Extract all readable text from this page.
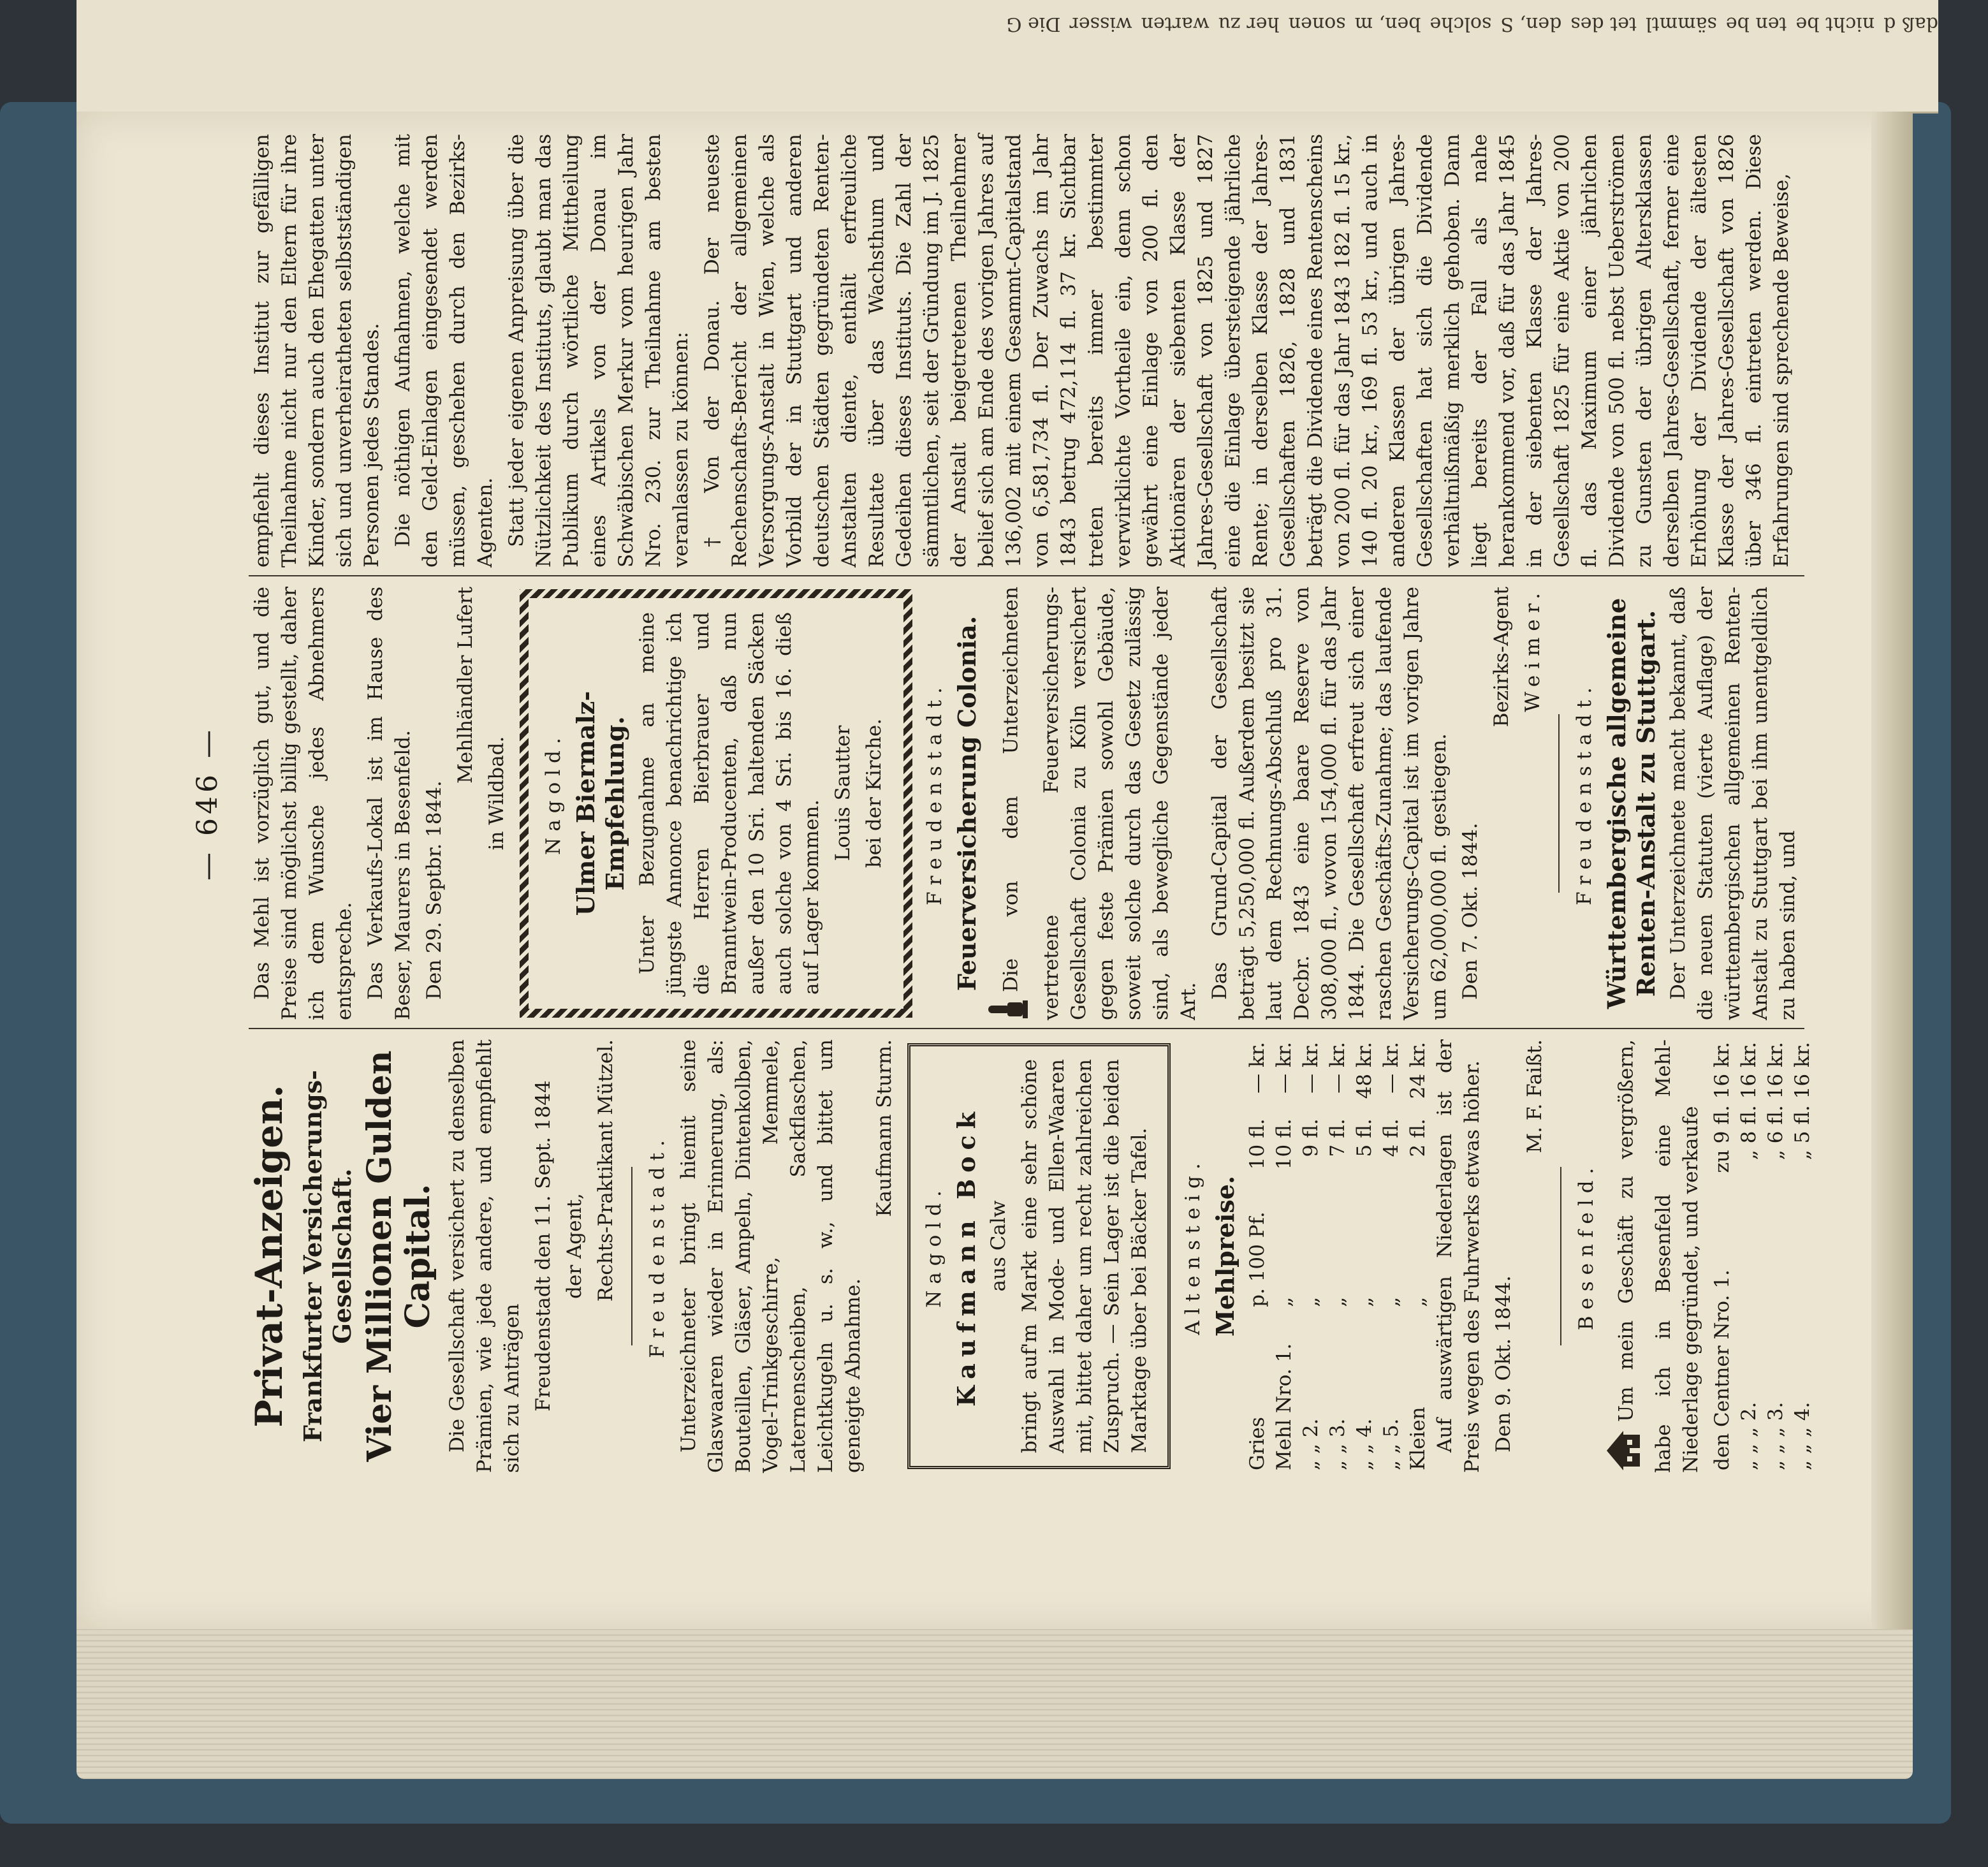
daß d
nicht be
ten be
sämmtl
tet des
den, S
solche
ben, m
sonen
her zu
warten
wisser
Die G
— 646 —
Privat-Anzeigen. Frankfurter Versicherungs-Gesellschaft. Vier Millionen Gulden Capital. Die Gesellschaft versichert zu denselben Prämien, wie jede andere, und empfiehlt sich zu Anträgen Freudenstadt den 11. Sept. 1844 der Agent, Rechts-Praktikant Mützel. Freudenstadt. Unterzeichneter bringt hiemit seine Glaswaaren wieder in Erinnerung, als: Bouteillen, Gläser, Ampeln, Dintenkolben, Vogel-Trinkgeschirre, Memmele, Laternenscheiben, Sackflaschen, Leichtkugeln u. s. w., und bittet um geneigte Abnahme.

Kaufmann Sturm.

Nagold. Kaufmann Bock aus Calw bringt auf'm Markt eine sehr schöne Auswahl in Mode- und Ellen-Waaren mit, bittet daher um recht zahlreichen Zuspruch. — Sein Lager ist die beiden Marktage über bei Bäcker Tafel. Altensteig. Mehlpreise.
Gries	p. 100 Pf.	10 fl.	— kr.
Mehl Nro. 1.	„	10 fl.	— kr.
„ „ 2.	„	9 fl.	— kr.
„ „ 3.	„	7 fl.	— kr.
„ „ 4.	„	5 fl.	48 kr.
„ „ 5.	„	4 fl.	— kr.
Kleien	„	2 fl.	24 kr. Auf auswärtigen Niederlagen ist der Preis wegen des Fuhrwerks etwas höher. Den 9. Okt. 1844.

M. F. Faißt.

Besenfeld. Um mein Geschäft zu vergrößern, habe ich in Besenfeld eine Mehl-Niederlage gegründet, und verkaufe den Centner Nro. 1.	zu 9 fl. 16 kr.
„ „ „ 2.	„ 8 fl. 16 kr.
„ „ „ 3.	„ 6 fl. 16 kr.
„ „ „ 4.	„ 5 fl. 16 kr.

Das Mehl ist vorzüglich gut, und die Preise sind möglichst billig gestellt, daher ich dem Wunsche jedes Abnehmers entspreche. Das Verkaufs-Lokal ist im Hause des Beser, Maurers in Besenfeld. Den 29. Septbr. 1844.

Mehlhändler Lufert

in Wildbad. Nagold. Ulmer Biermalz-Empfehlung. Unter Bezugnahme an meine jüngste Annonce benachrichtige ich die Herren Bierbrauer und Branntwein-Producenten, daß nun außer den 10 Sri. haltenden Säcken auch solche von 4 Sri. bis 16. dieß auf Lager kommen.

Louis Sautter bei der Kirche. Freudenstadt. Feuerversicherung Colonia. Die von dem Unterzeichneten vertretene Feuerversicherungs-Gesellschaft Colonia zu Köln versichert gegen feste Prämien sowohl Gebäude, soweit solche durch das Gesetz zulässig sind, als bewegliche Gegenstände jeder Art.

Das Grund-Capital der Gesellschaft beträgt 5,250,000 fl. Außerdem besitzt sie laut dem Rechnungs-Abschluß pro 31. Decbr. 1843 eine baare Reserve von 308,000 fl., wovon 154,000 fl. für das Jahr 1844. Die Gesellschaft erfreut sich einer raschen Geschäfts-Zunahme; das laufende Versicherungs-Capital ist im vorigen Jahre um 62,000,000 fl. gestiegen. Den 7. Okt. 1844.

Bezirks-Agent Weimer.

Freudenstadt. Württembergische allgemeine Renten-Anstalt zu Stuttgart. Der Unterzeichnete macht bekannt, daß die neuen Statuten (vierte Auflage) der württembergischen allgemeinen Renten-Anstalt zu Stuttgart bei ihm unentgeldlich zu haben sind, und

empfiehlt dieses Institut zur gefälligen Theilnahme nicht nur den Eltern für ihre Kinder, sondern auch den Ehegatten unter sich und unverheiratheten selbstständigen Personen jedes Standes. Die nöthigen Aufnahmen, welche mit den Geld-Einlagen eingesendet werden müssen, geschehen durch den Bezirks-Agenten. Statt jeder eigenen Anpreisung über die Nützlichkeit des Instituts, glaubt man das Publikum durch wörtliche Mittheilung eines Artikels von der Donau im Schwäbischen Merkur vom heurigen Jahr Nro. 230. zur Theilnahme am besten veranlassen zu können: † Von der Donau. Der neueste Rechenschafts-Bericht der allgemeinen Versorgungs-Anstalt in Wien, welche als Vorbild der in Stuttgart und anderen deutschen Städten gegründeten Renten-Anstalten diente, enthält erfreuliche Resultate über das Wachsthum und Gedeihen dieses Instituts. Die Zahl der sämmtlichen, seit der Gründung im J. 1825 der Anstalt beigetretenen Theilnehmer belief sich am Ende des vorigen Jahres auf 136,002 mit einem Gesammt-Capitalstand von 6,581,734 fl. Der Zuwachs im Jahr 1843 betrug 472,114 fl. 37 kr. Sichtbar treten bereits immer bestimmter verwirklichte Vortheile ein, denn schon gewährt eine Einlage von 200 fl. den Aktionären der siebenten Klasse der Jahres-Gesellschaft von 1825 und 1827 eine die Einlage übersteigende jährliche Rente; in derselben Klasse der Jahres-Gesellschaften 1826, 1828 und 1831 beträgt die Dividende eines Rentenscheins von 200 fl. für das Jahr 1843 182 fl. 15 kr., 140 fl. 20 kr., 169 fl. 53 kr., und auch in anderen Klassen der übrigen Jahres-Gesellschaften hat sich die Dividende verhältnißmäßig merklich gehoben. Dann liegt bereits der Fall als nahe herankommend vor, daß für das Jahr 1845 in der siebenten Klasse der Jahres-Gesellschaft 1825 für eine Aktie von 200 fl. das Maximum einer jährlichen Dividende von 500 fl. nebst Ueberströmen zu Gunsten der übrigen Altersklassen derselben Jahres-Gesellschaft, ferner eine Erhöhung der Dividende der ältesten Klasse der Jahres-Gesellschaft von 1826 über 346 fl. eintreten werden. Diese Erfahrungen sind sprechende Beweise,
